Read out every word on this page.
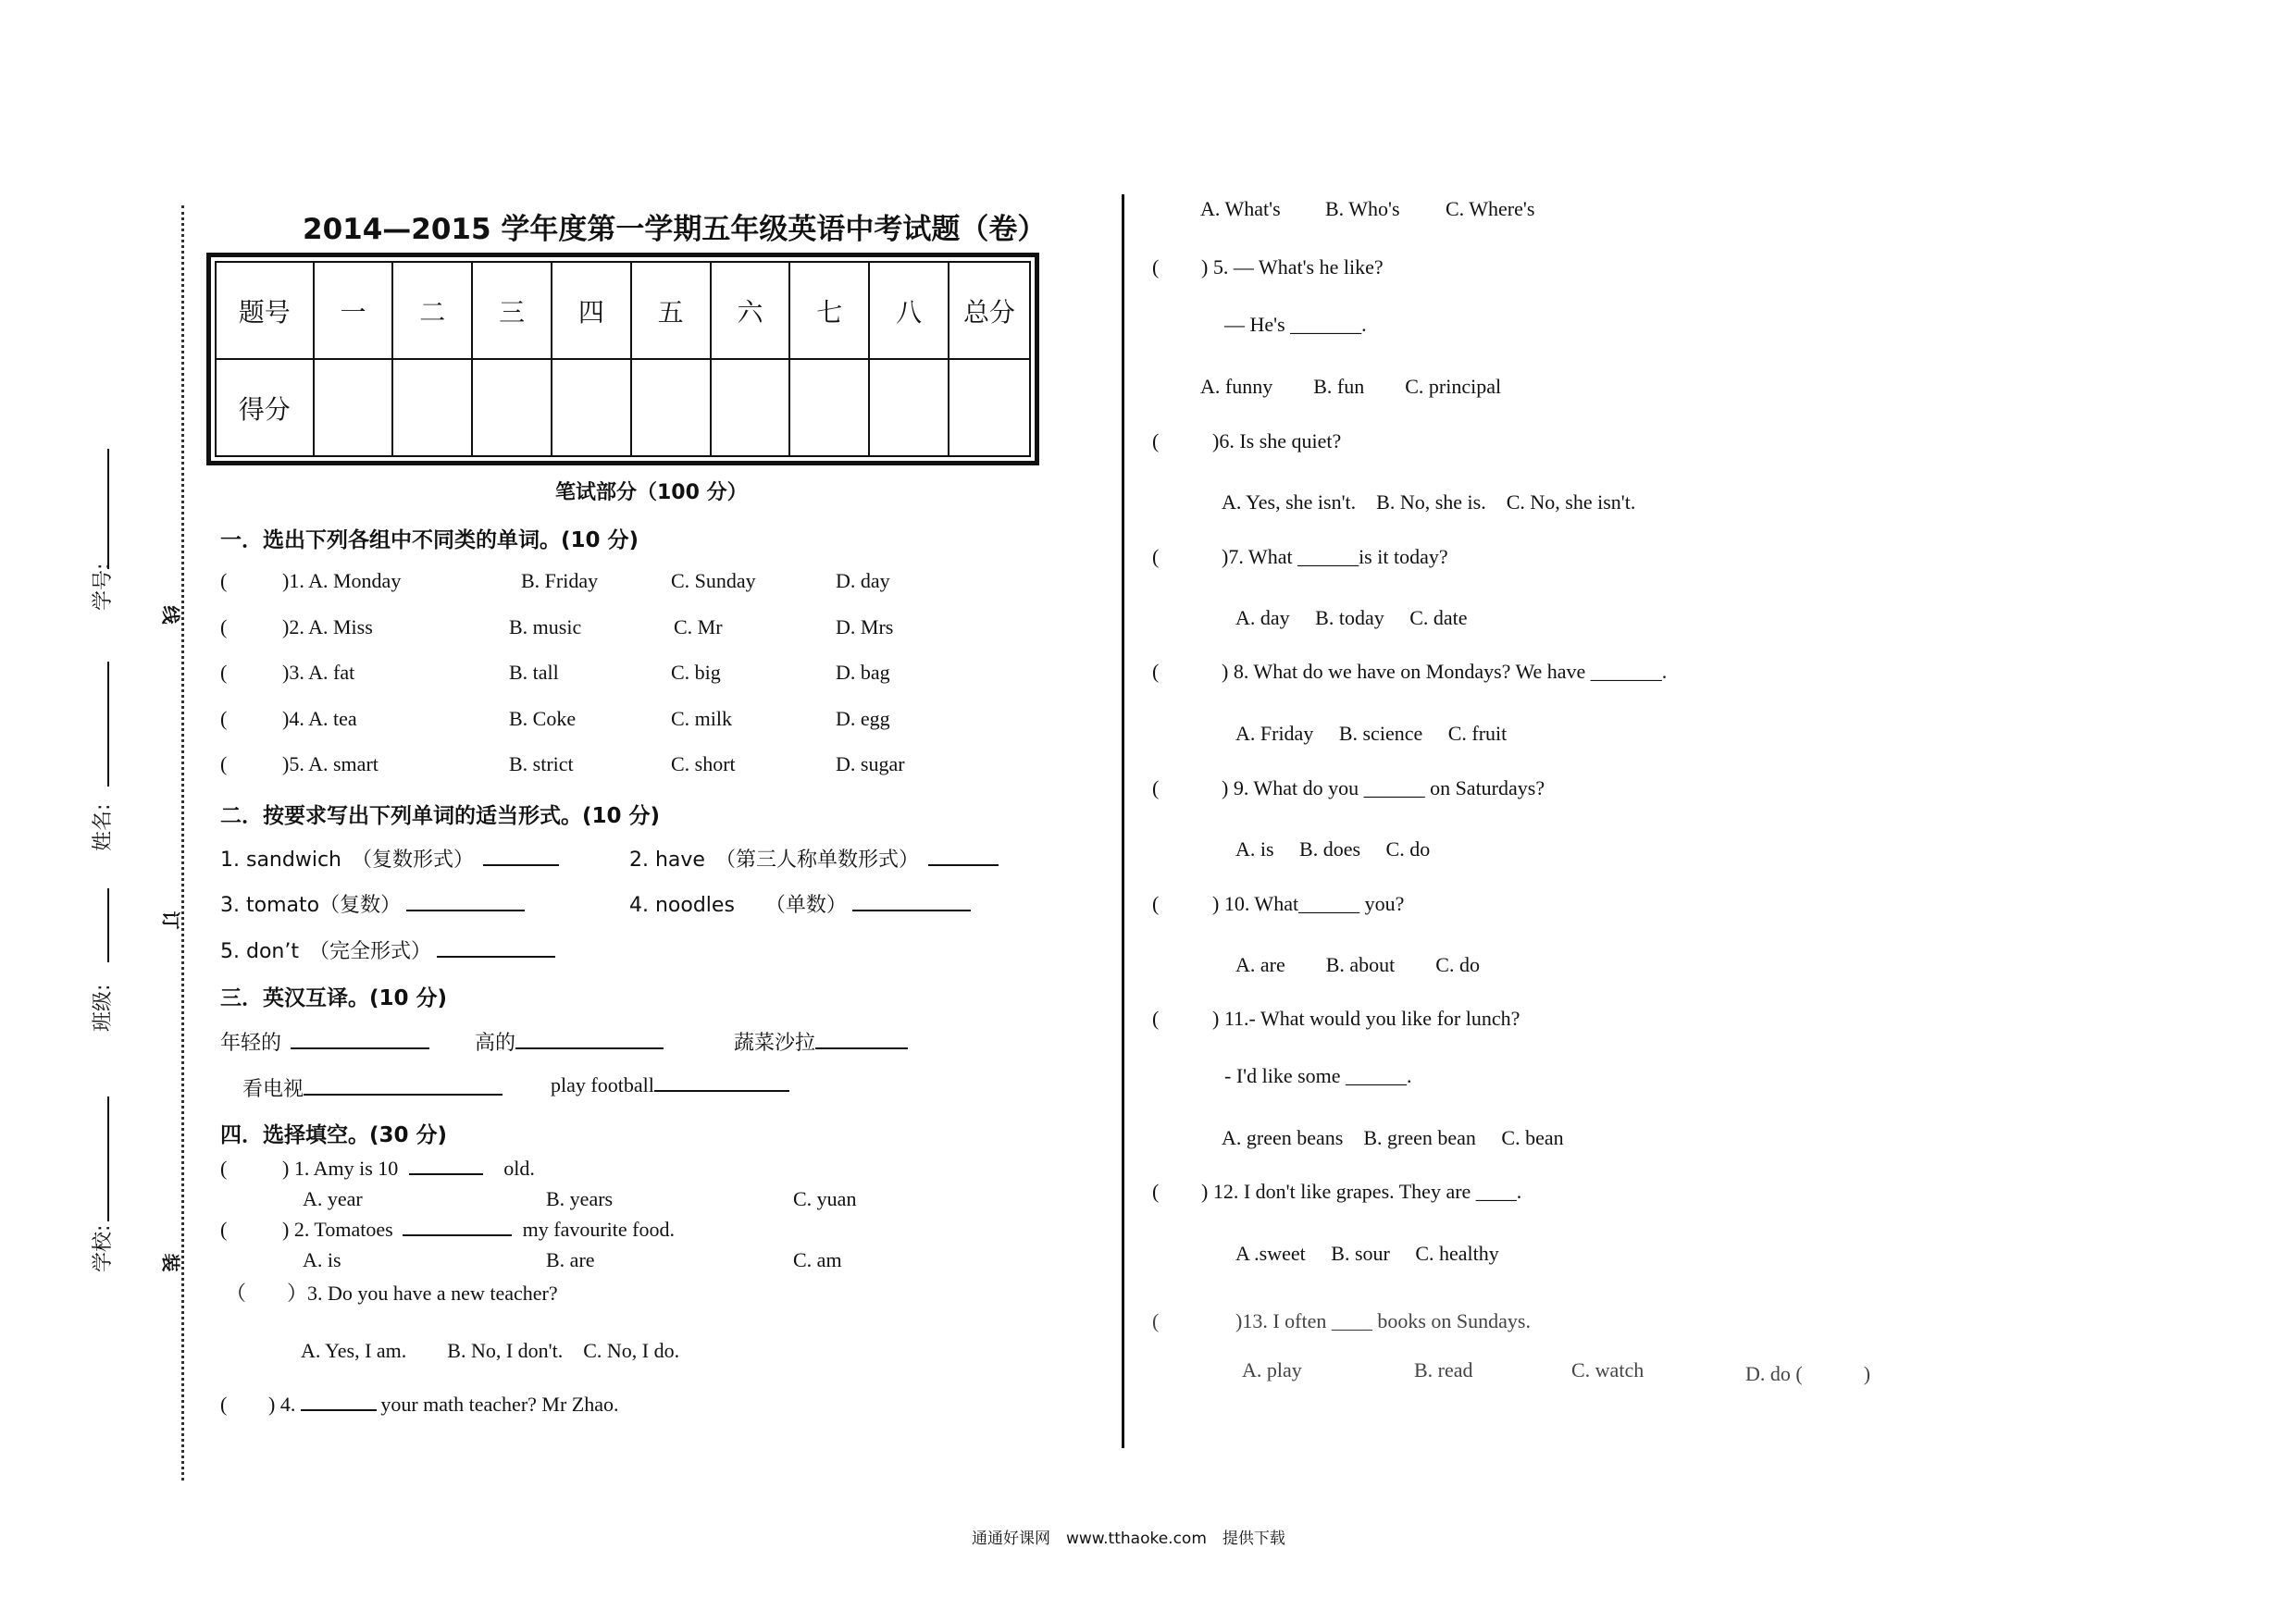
学号:
姓名:
班级:
学校:
线
订
装
2014—2015 学年度第一学期五年级英语中考试题（卷）
题号	一	二	三	四	五	六	七	八	总分
得分									
笔试部分（100 分）
一．选出下列各组中不同类的单词。(10 分)
(	)1. A. Monday	B. Friday	C. Sunday	D. day
(	)2. A. Miss	B. music	C. Mr	D. Mrs
(	)3. A. fat	B. tall	C. big	D. bag
(	)4. A. tea	B. Coke	C. milk	D. egg
(	)5. A. smart	B. strict	C. short	D. sugar
二．按要求写出下列单词的适当形式。(10 分)
1. sandwich　（复数形式）	2. have　（第三人称单数形式）
3. tomato（复数）	4. noodles　　（单数）
5. don’t　（完全形式）
三．英汉互译。(10 分)
年轻的	高的	蔬菜沙拉
看电视	play football
四．选择填空。(30 分)
(	) 1. Amy is 10	old.
A. year	B. years	C. yuan
(	) 2. Tomatoes	my favourite food.
A. is	B. are	C. am
（　　）3. Do you have a new teacher?
A. Yes, I am.　　B. No, I don't.　C. No, I do.
( ) 4.	your math teacher? Mr Zhao.
A. What's B. Who's C. Where's
( ) 5. — What's he like?
— He's _______.
A. funny　　B. fun　　C. principal
(	)6. Is she quiet?
A. Yes, she isn't.　B. No, she is.　C. No, she isn't.
(	)7. What ______is it today?
A. day　 B. today　 C. date
(	) 8. What do we have on Mondays? We have _______.
A. Friday　 B. science　 C. fruit
(	) 9. What do you ______ on Saturdays?
A. is　 B. does　 C. do
(	) 10. What______ you?
A. are　　B. about　　C. do
(	) 11.- What would you like for lunch?
- I'd like some ______.
A. green beans　B. green bean　 C. bean
( ) 12. I don't like grapes. They are ____.
A .sweet　 B. sour　 C. healthy
(	)13. I often ____ books on Sundays.
A. play	B. read	C. watch	D. do (　　　)
通通好课网　www.tthaoke.com　提供下载
